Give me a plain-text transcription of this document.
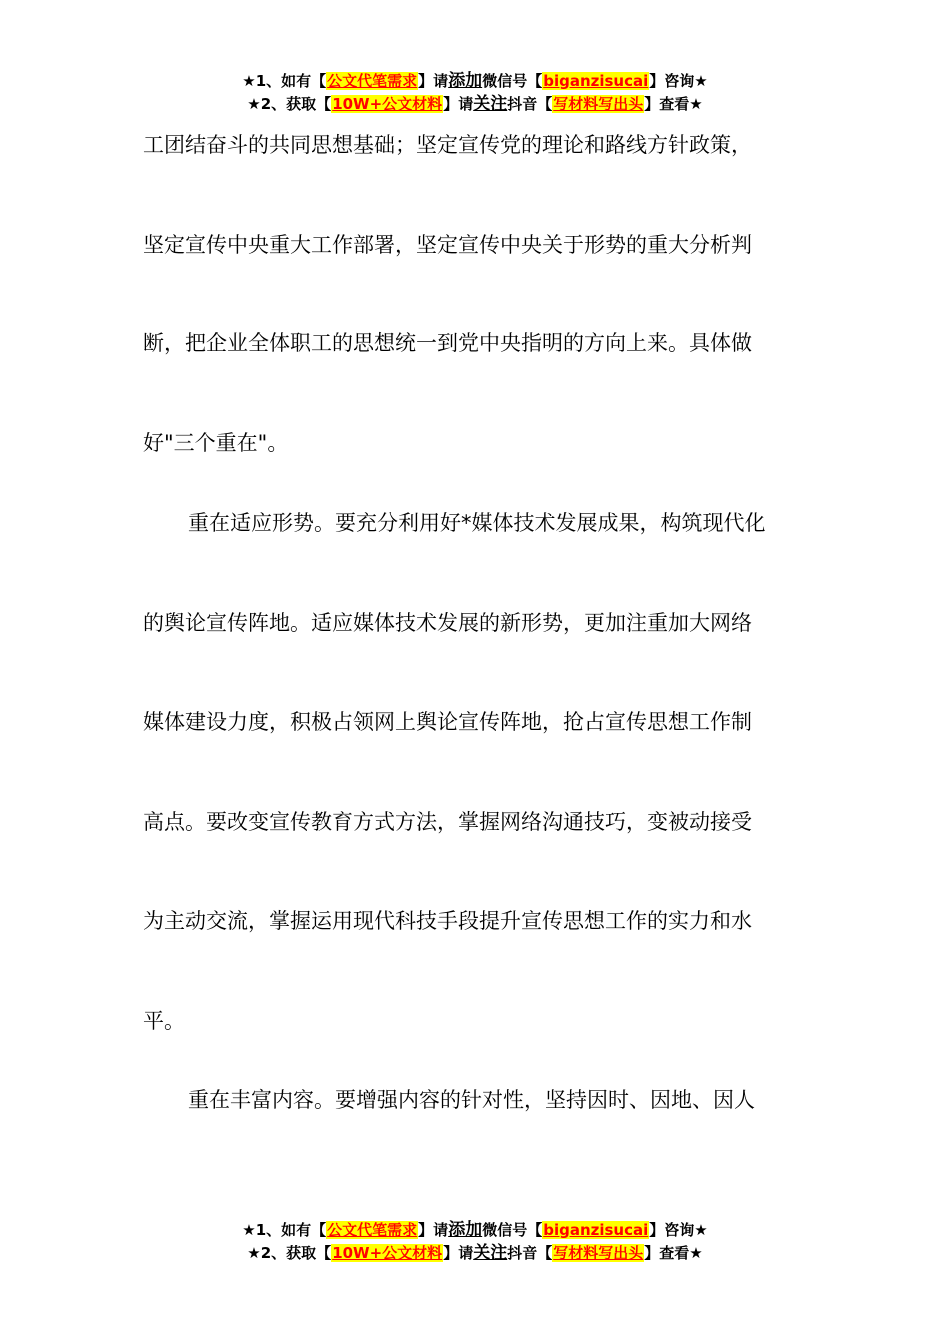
★1、如有【公文代笔需求】请添加微信号【biganzisucai】咨询★
★2、获取【10W+公文材料】请关注抖音【写材料写出头】查看★
工团结奋斗的共同思想基础；坚定宣传党的理论和路线方针政策，
坚定宣传中央重大工作部署，坚定宣传中央关于形势的重大分析判
断，把企业全体职工的思想统一到党中央指明的方向上来。具体做
好"三个重在"。
重在适应形势。要充分利用好*媒体技术发展成果，构筑现代化
的舆论宣传阵地。适应媒体技术发展的新形势，更加注重加大网络
媒体建设力度，积极占领网上舆论宣传阵地，抢占宣传思想工作制
高点。要改变宣传教育方式方法，掌握网络沟通技巧，变被动接受
为主动交流，掌握运用现代科技手段提升宣传思想工作的实力和水
平。
重在丰富内容。要增强内容的针对性，坚持因时、因地、因人
★1、如有【公文代笔需求】请添加微信号【biganzisucai】咨询★
★2、获取【10W+公文材料】请关注抖音【写材料写出头】查看★
